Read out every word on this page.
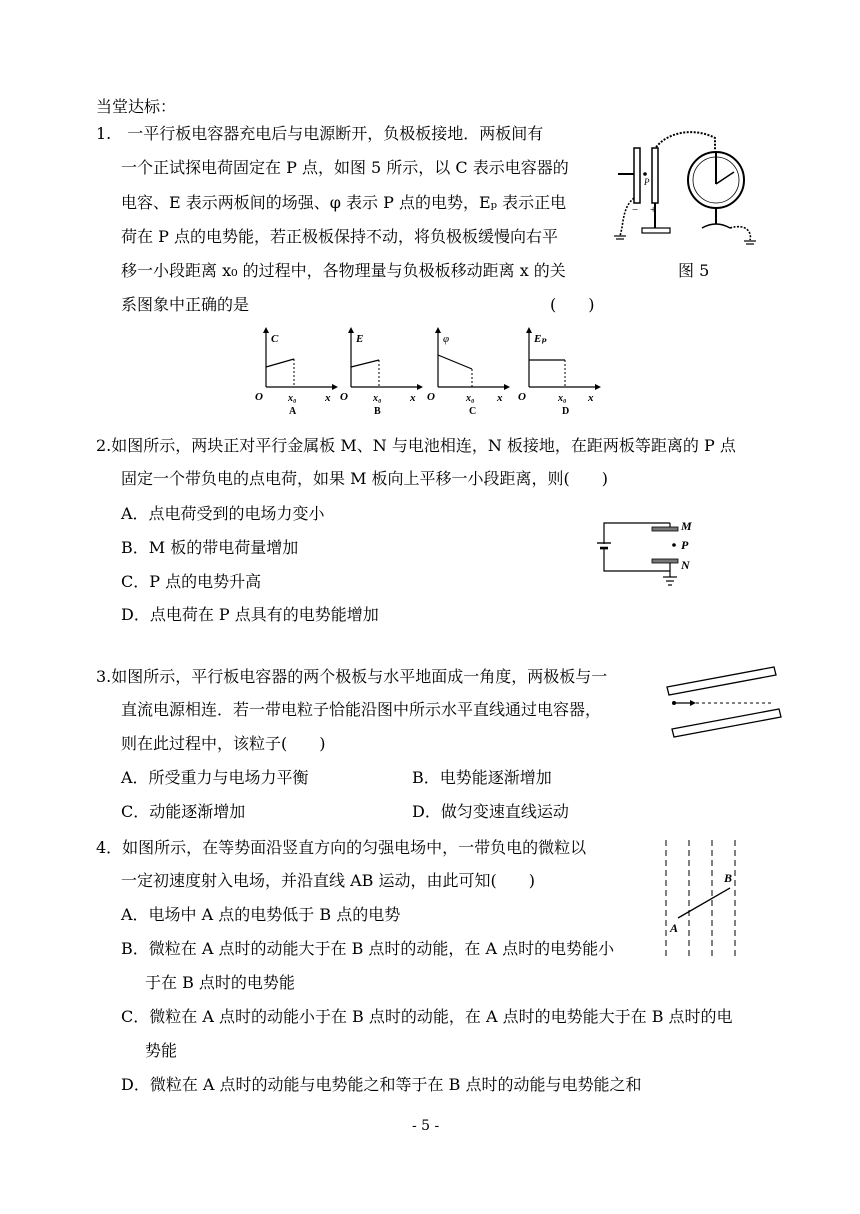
当堂达标：
1.　一平行板电容器充电后与电源断开，负极板接地．两板间有
一个正试探电荷固定在 P 点，如图 5 所示，以 C 表示电容器的
电容、E 表示两板间的场强、φ 表示 P 点的电势，Eₚ 表示正电
荷在 P 点的电势能，若正极板保持不动，将负极板缓慢向右平
移一小段距离 x₀ 的过程中，各物理量与负极板移动距离 x 的关
系图象中正确的是	(　　)
P
− +
图 5
C
x
O	x₀
A
E
x
O	x₀
B
φ
x
O	x₀
C
Eₚ
x
O	x₀
D
2.如图所示，两块正对平行金属板 M、N 与电池相连，N 板接地，在距两板等距离的 P 点
固定一个带负电的点电荷，如果 M 板向上平移一小段距离，则(　　)
A．点电荷受到的电场力变小
B．M 板的带电荷量增加
C．P 点的电势升高
D．点电荷在 P 点具有的电势能增加
M
P
N
3.如图所示，平行板电容器的两个极板与水平地面成一角度，两极板与一
直流电源相连．若一带电粒子恰能沿图中所示水平直线通过电容器，
则在此过程中，该粒子(　　)
A．所受重力与电场力平衡	B．电势能逐渐增加
C．动能逐渐增加	D．做匀变速直线运动
4．如图所示，在等势面沿竖直方向的匀强电场中，一带负电的微粒以
一定初速度射入电场，并沿直线 AB 运动，由此可知(　　)
A．电场中 A 点的电势低于 B 点的电势
B．微粒在 A 点时的动能大于在 B 点时的动能，在 A 点时的电势能小
于在 B 点时的电势能
C．微粒在 A 点时的动能小于在 B 点时的动能，在 A 点时的电势能大于在 B 点时的电
势能
D．微粒在 A 点时的动能与电势能之和等于在 B 点时的动能与电势能之和
A
B
- 5 -
